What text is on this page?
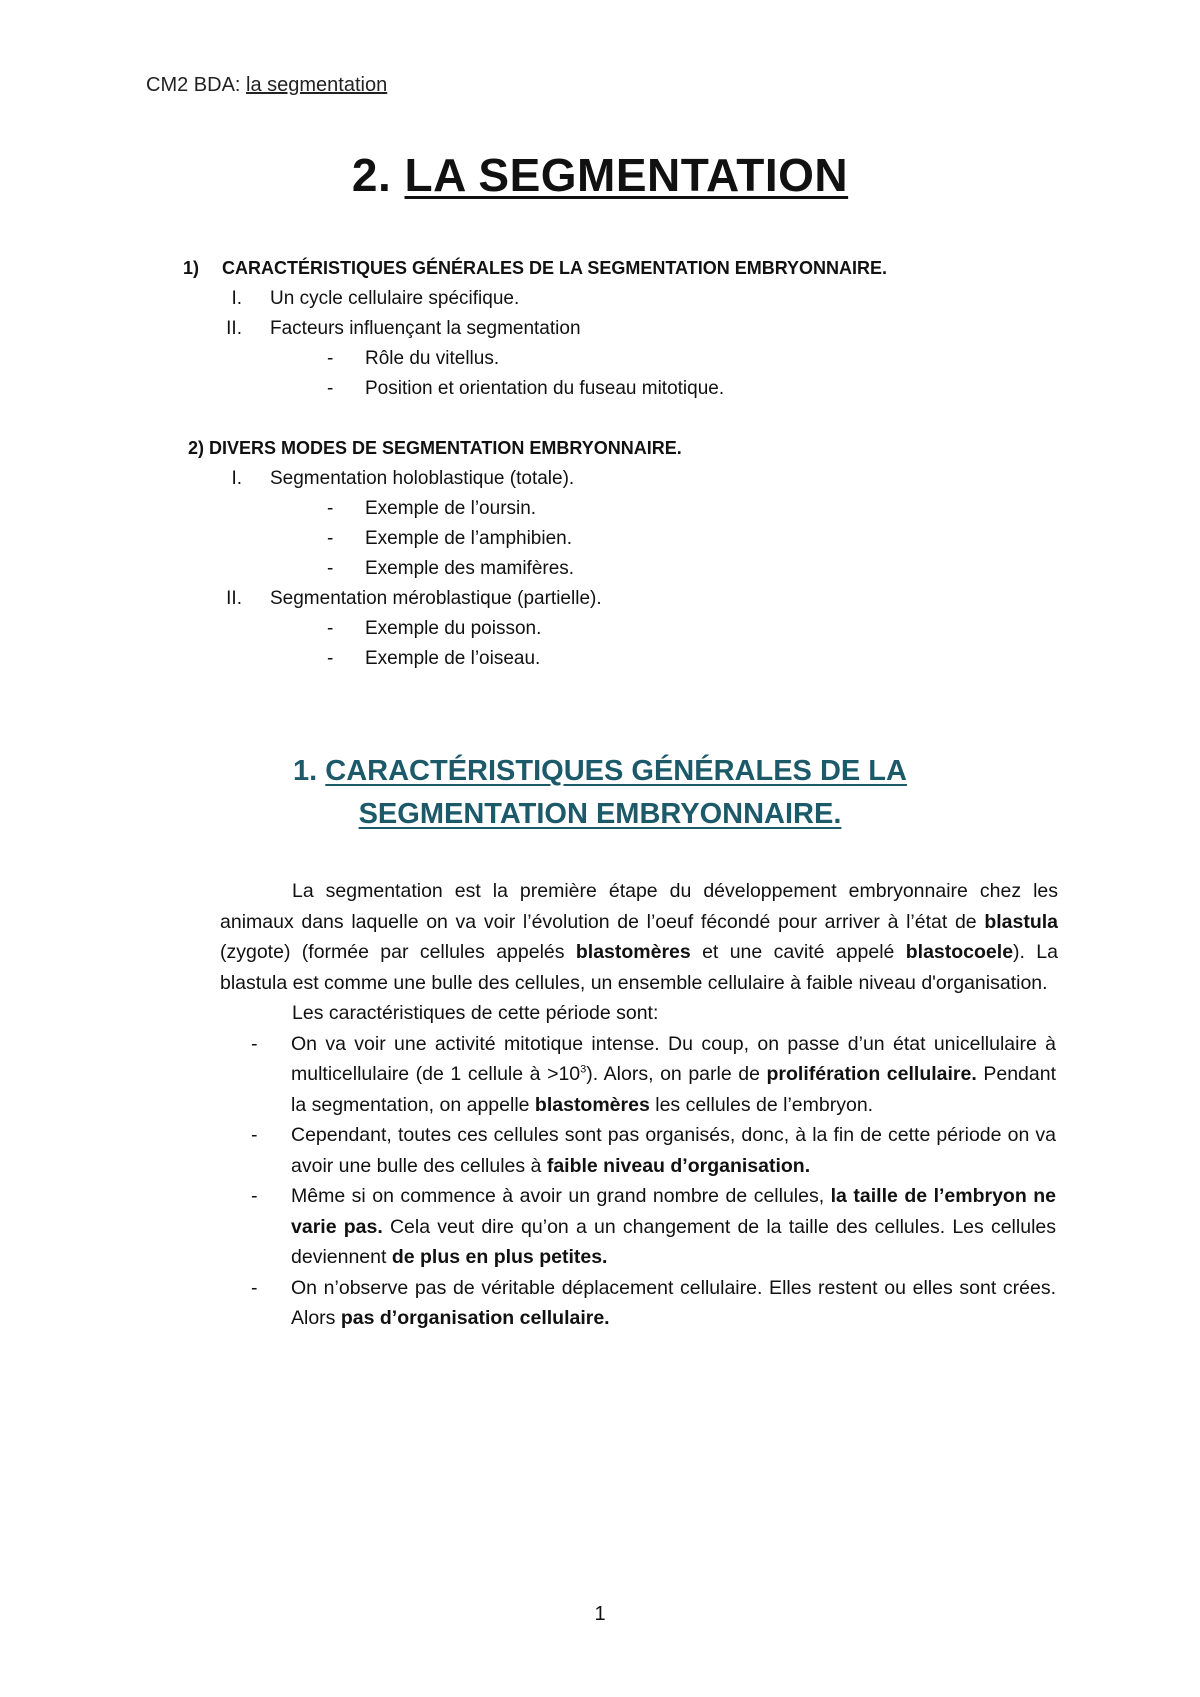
CM2 BDA: la segmentation
2. LA SEGMENTATION
1) CARACTÉRISTIQUES GÉNÉRALES DE LA SEGMENTATION EMBRYONNAIRE.
I. Un cycle cellulaire spécifique.
II. Facteurs influençant la segmentation
- Rôle du vitellus.
- Position et orientation du fuseau mitotique.
2) DIVERS MODES DE SEGMENTATION EMBRYONNAIRE.
I. Segmentation holoblastique (totale).
- Exemple de l’oursin.
- Exemple de l’amphibien.
- Exemple des mamifères.
II. Segmentation méroblastique (partielle).
- Exemple du poisson.
- Exemple de l’oiseau.
1. CARACTÉRISTIQUES GÉNÉRALES DE LA
SEGMENTATION EMBRYONNAIRE.

La segmentation est la première étape du développement embryonnaire chez les animaux dans laquelle on va voir l’évolution de l’oeuf fécondé pour arriver à l’état de blastula (zygote) (formée par cellules appelés blastomères et une cavité appelé blastocoele). La blastula est comme une bulle des cellules, un ensemble cellulaire à faible niveau d'organisation.

Les caractéristiques de cette période sont:

- On va voir une activité mitotique intense. Du coup, on passe d’un état unicellulaire à multicellulaire (de 1 cellule à $>10^3$). Alors, on parle de prolifération cellulaire. Pendant la segmentation, on appelle blastomères les cellules de l’embryon.
- Cependant, toutes ces cellules sont pas organisés, donc, à la fin de cette période on va avoir une bulle des cellules à faible niveau d’organisation.
- Même si on commence à avoir un grand nombre de cellules, la taille de l’embryon ne varie pas. Cela veut dire qu’on a un changement de la taille des cellules. Les cellules deviennent de plus en plus petites.
- On n’observe pas de véritable déplacement cellulaire. Elles restent ou elles sont crées. Alors pas d’organisation cellulaire.
1
